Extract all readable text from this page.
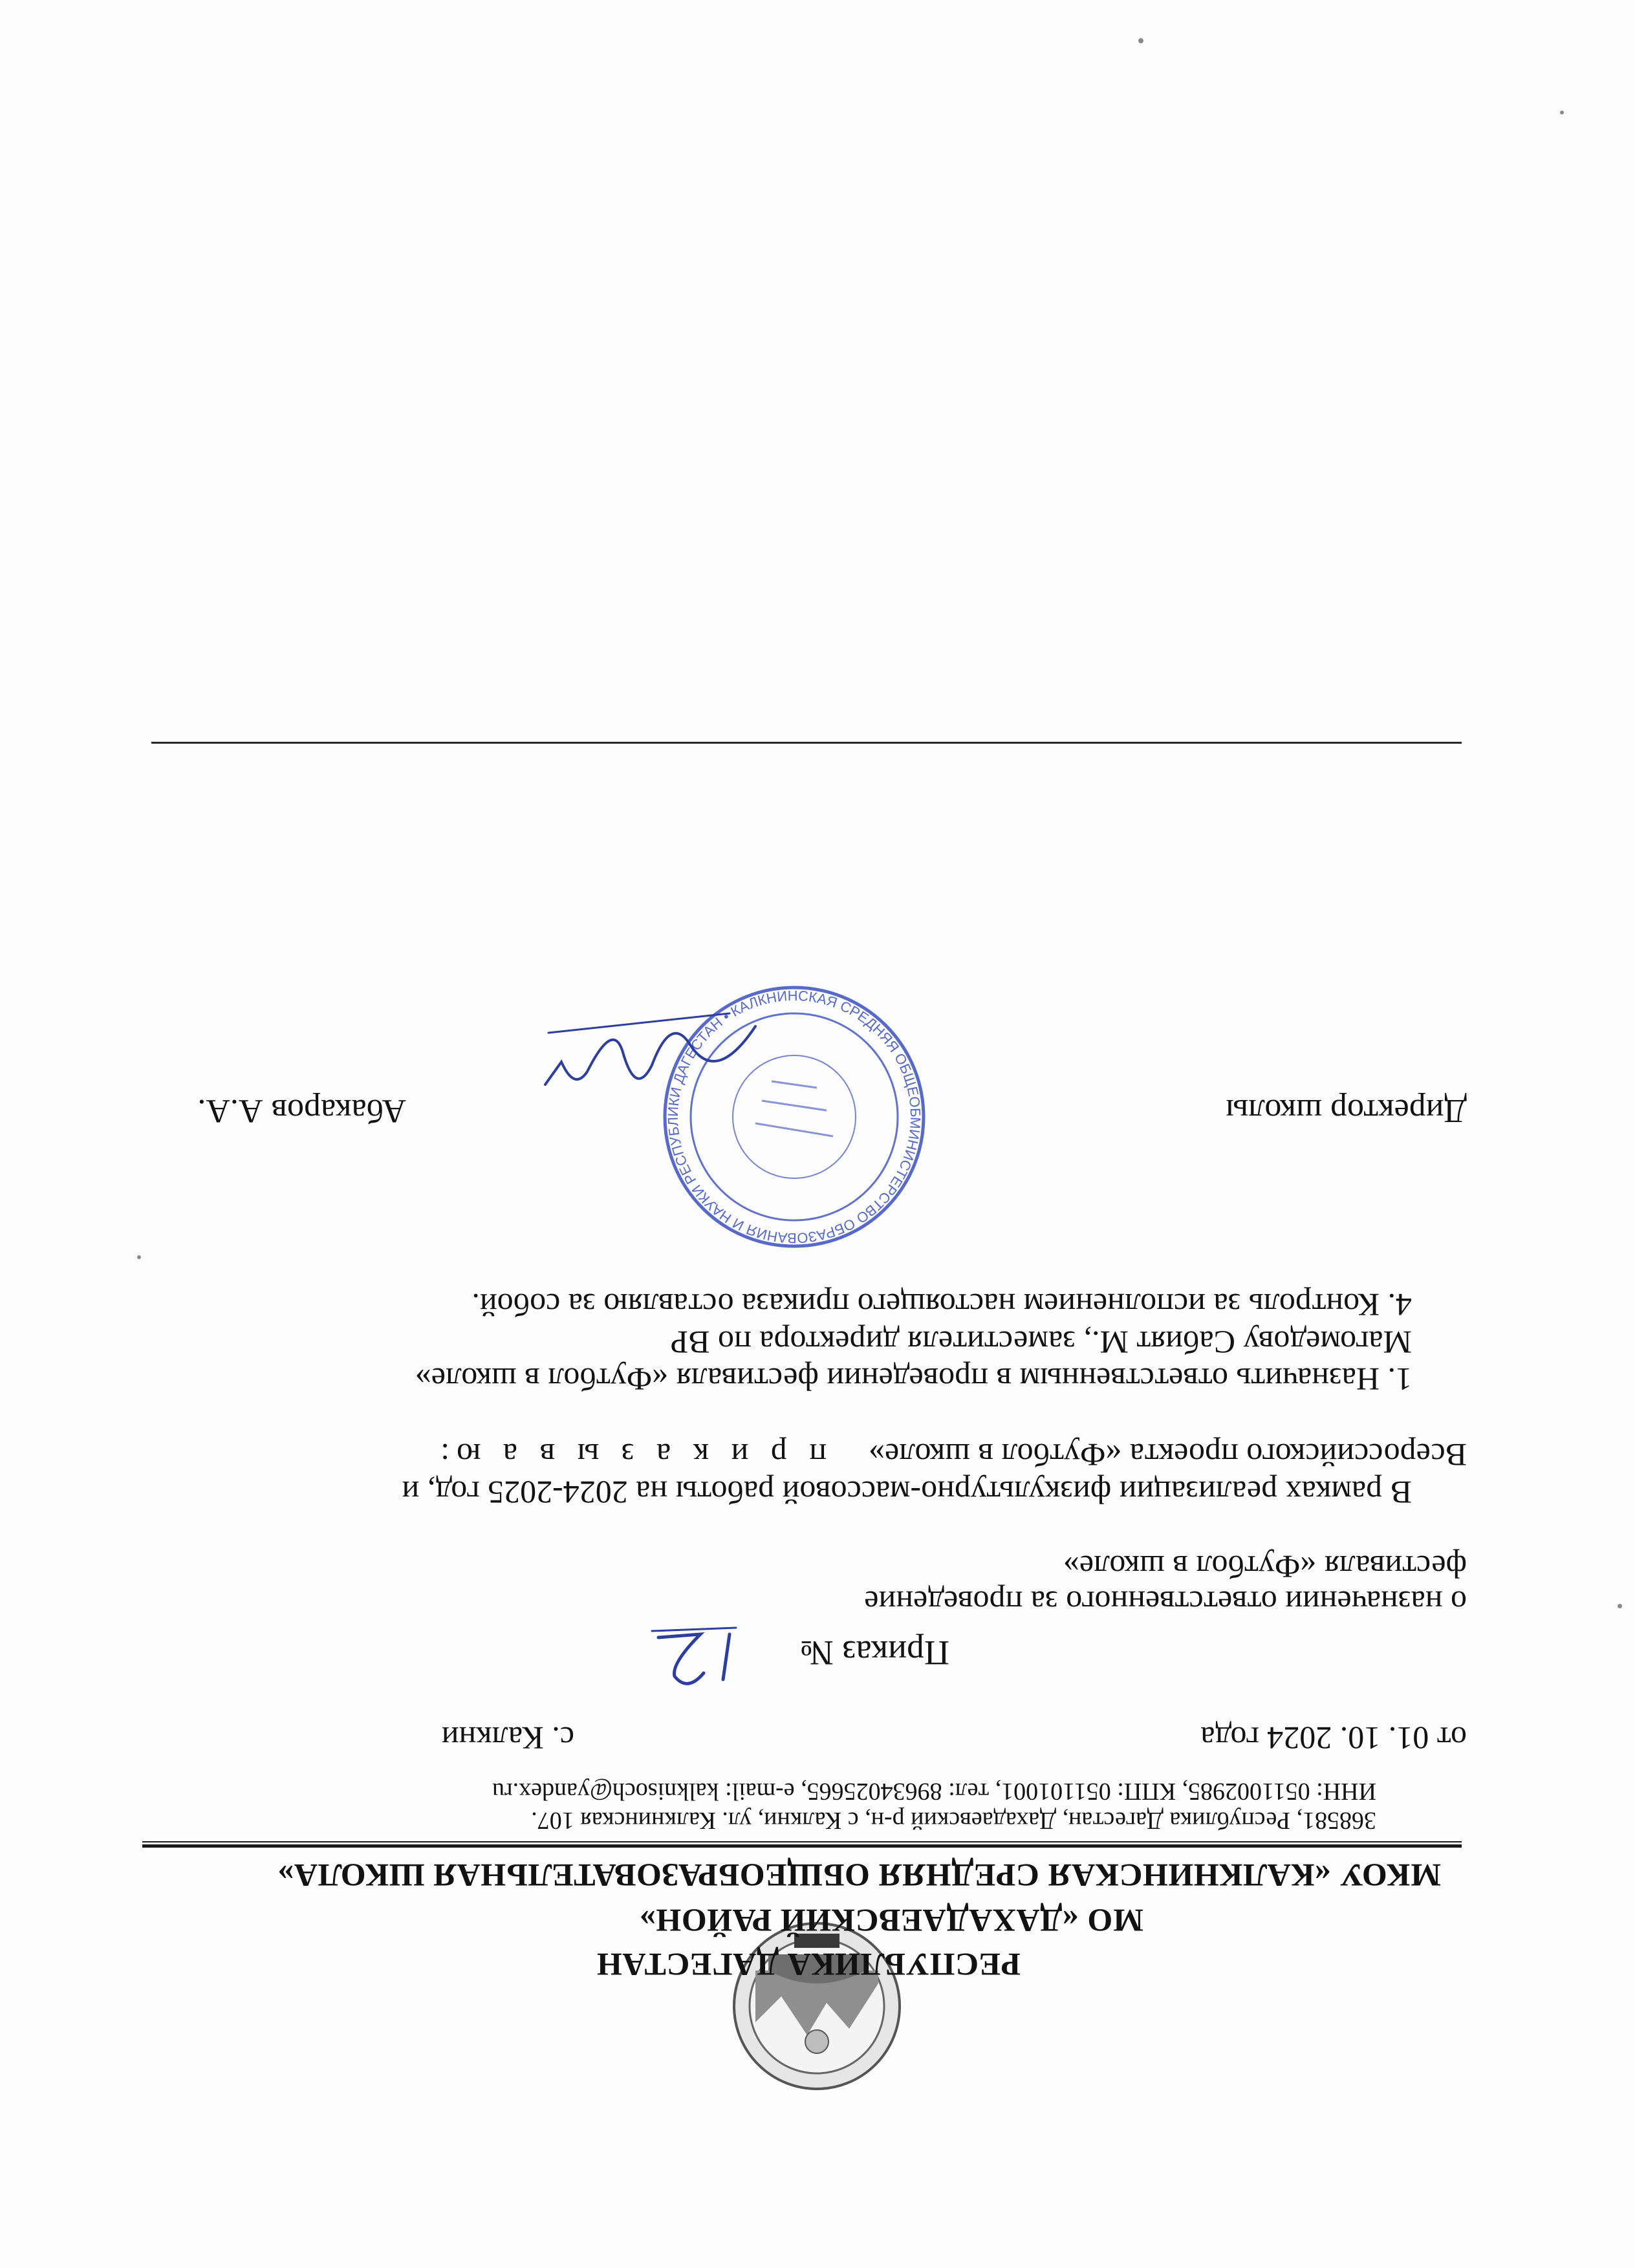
РЕСПУБЛИКА ДАГЕСТАН
МО «ДАХАДАЕВСКИЙ РАЙОН»
МКОУ «КАЛКНИНСКАЯ СРЕДНЯЯ ОБЩЕОБРАЗОВАТЕЛЬНАЯ ШКОЛА»
368581, Республика Дагестан, Дахадаевский р-н, с Калкни, ул. Калкнинская 107.
ИНН: 0511002985, КПП: 051101001, тел: 89634025665, e-mail: kalknisoch@yandex.ru
от 01. 10. 2024 года
с. Калкни
Приказ №
о назначении ответственного за проведение
фестиваля «Футбол в школе»
В рамках реализации физкультурно-массовой работы на 2024-2025 год, и
Всероссийского проекта «Футбол в школе»
п р и к а з ы в а ю:
1. Назначить ответственным в проведении фестиваля «Футбол в школе»
Магомедову Сабият М., заместителя директора по ВР
4. Контроль за исполнением настоящего приказа оставляю за собой.
МИНИСТЕРСТВО ОБРАЗОВАНИЯ И НАУКИ РЕСПУБЛИКИ ДАГЕСТАН • КАЛКНИНСКАЯ СРЕДНЯЯ ОБЩЕОБ	Директор школы
Абакаров А.А.
